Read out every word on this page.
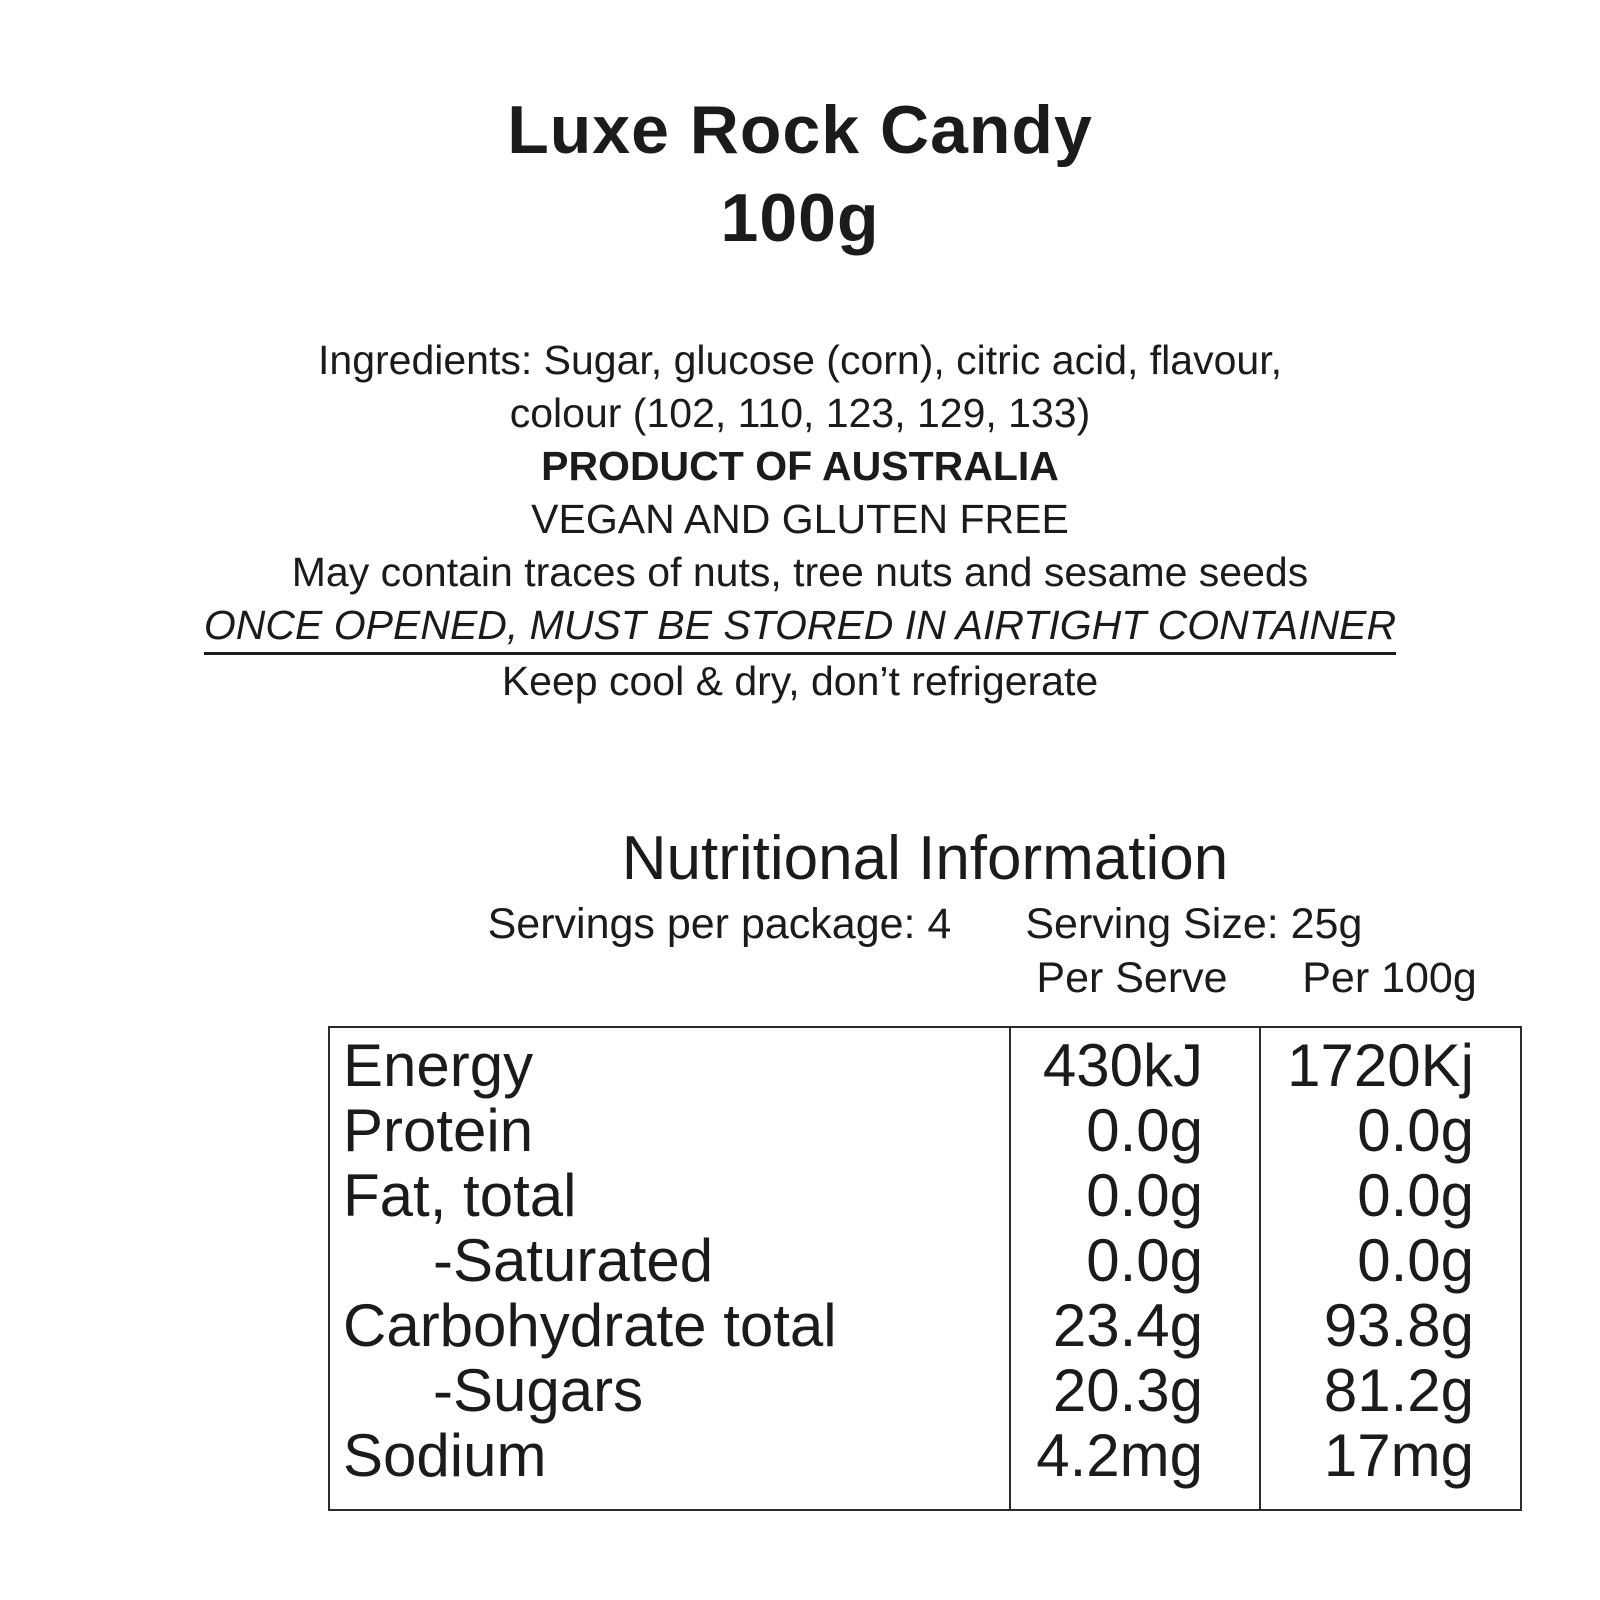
Luxe Rock Candy
100g

Ingredients: Sugar, glucose (corn), citric acid, flavour,

colour (102, 110, 123, 129, 133)

PRODUCT OF AUSTRALIA

VEGAN AND GLUTEN FREE

May contain traces of nuts, tree nuts and sesame seeds

ONCE OPENED, MUST BE STORED IN AIRTIGHT CONTAINER

Keep cool & dry, don’t refrigerate

Nutritional Information
Servings per package: 4 Serving Size: 25g
Per Serve	Per 100g
Energy
Protein
Fat, total
-Saturated
Carbohydrate total
-Sugars
Sodium
430kJ
0.0g
0.0g
0.0g
23.4g
20.3g
4.2mg
1720Kj
0.0g
0.0g
0.0g
93.8g
81.2g
17mg
